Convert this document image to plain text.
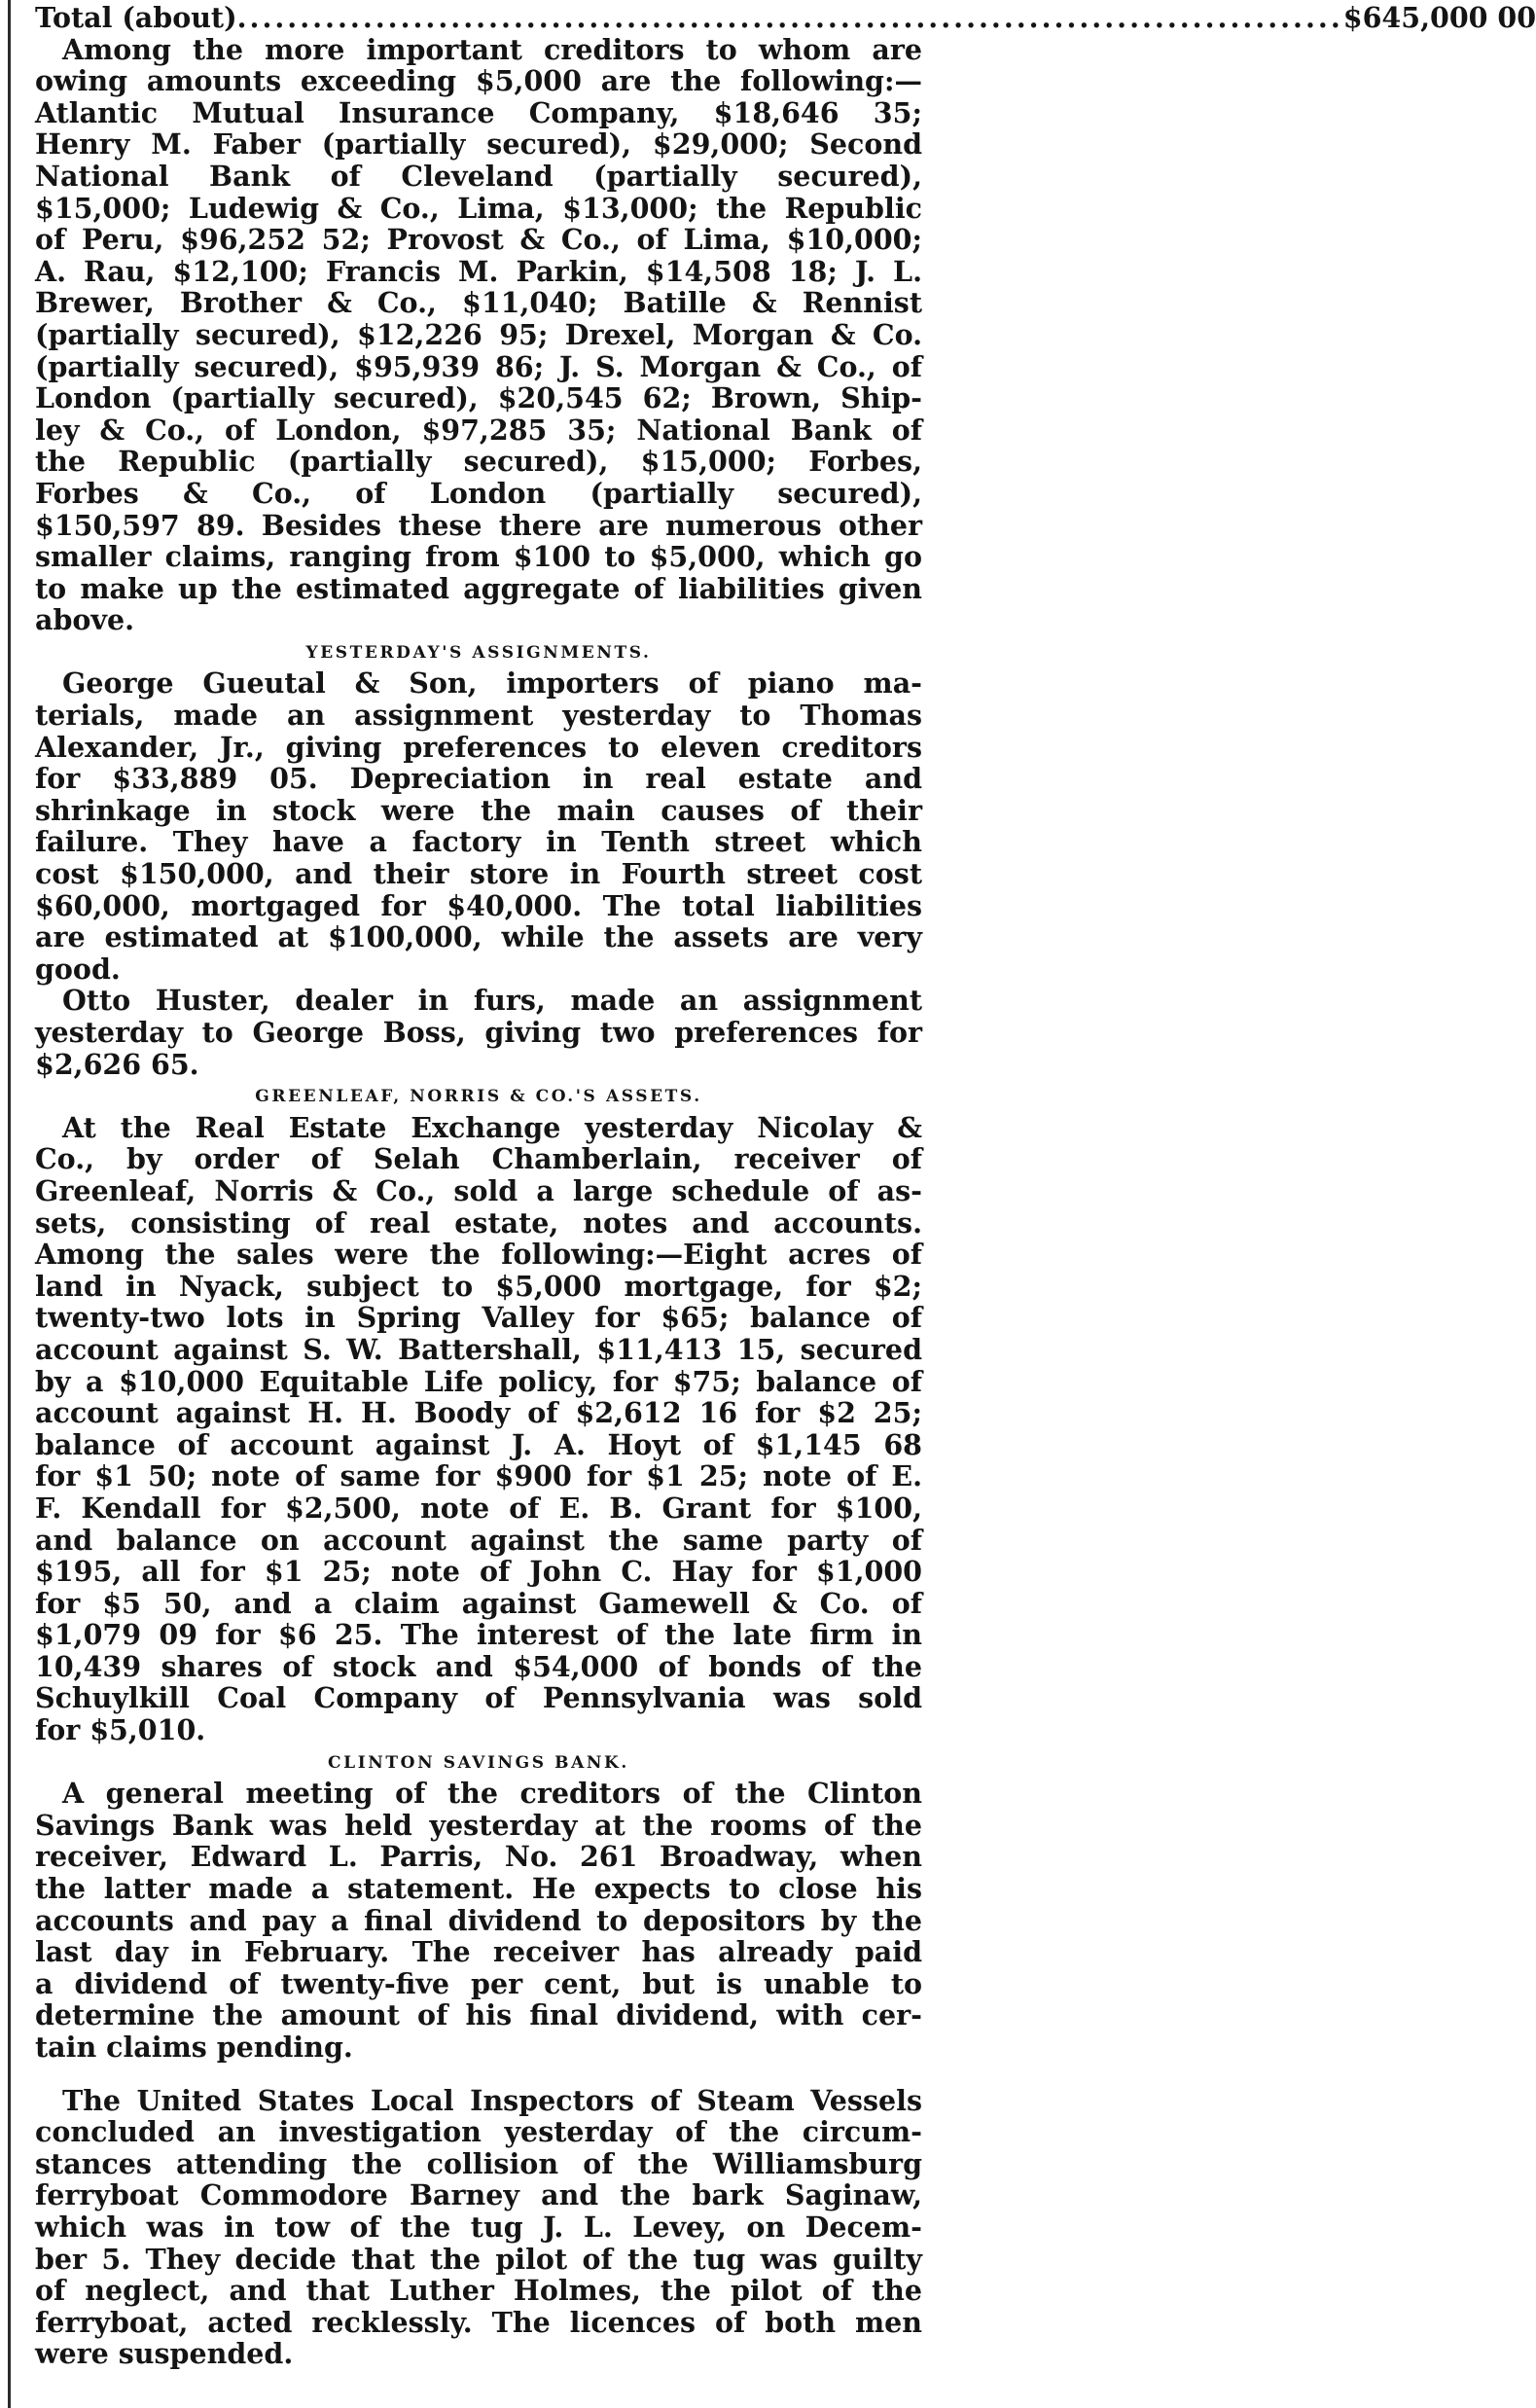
Total (about) ........................................................................................ $645,000 00
Among the more important creditors to whom are
owing amounts exceeding $5,000 are the following:—
Atlantic Mutual Insurance Company, $18,646 35;
Henry M. Faber (partially secured), $29,000; Second
National Bank of Cleveland (partially secured),
$15,000; Ludewig & Co., Lima, $13,000; the Republic
of Peru, $96,252 52; Provost & Co., of Lima, $10,000;
A. Rau, $12,100; Francis M. Parkin, $14,508 18; J. L.
Brewer, Brother & Co., $11,040; Batille & Rennist
(partially secured), $12,226 95; Drexel, Morgan & Co.
(partially secured), $95,939 86; J. S. Morgan & Co., of
London (partially secured), $20,545 62; Brown, Ship-
ley & Co., of London, $97,285 35; National Bank of
the Republic (partially secured), $15,000; Forbes,
Forbes & Co., of London (partially secured),
$150,597 89. Besides these there are numerous other
smaller claims, ranging from $100 to $5,000, which go
to make up the estimated aggregate of liabilities given
above.
YESTERDAY'S ASSIGNMENTS.
George Gueutal & Son, importers of piano ma-
terials, made an assignment yesterday to Thomas
Alexander, Jr., giving preferences to eleven creditors
for $33,889 05. Depreciation in real estate and
shrinkage in stock were the main causes of their
failure. They have a factory in Tenth street which
cost $150,000, and their store in Fourth street cost
$60,000, mortgaged for $40,000. The total liabilities
are estimated at $100,000, while the assets are very
good.
Otto Huster, dealer in furs, made an assignment
yesterday to George Boss, giving two preferences for
$2,626 65.
GREENLEAF, NORRIS & CO.'S ASSETS.
At the Real Estate Exchange yesterday Nicolay &
Co., by order of Selah Chamberlain, receiver of
Greenleaf, Norris & Co., sold a large schedule of as-
sets, consisting of real estate, notes and accounts.
Among the sales were the following:—Eight acres of
land in Nyack, subject to $5,000 mortgage, for $2;
twenty-two lots in Spring Valley for $65; balance of
account against S. W. Battershall, $11,413 15, secured
by a $10,000 Equitable Life policy, for $75; balance of
account against H. H. Boody of $2,612 16 for $2 25;
balance of account against J. A. Hoyt of $1,145 68
for $1 50; note of same for $900 for $1 25; note of E.
F. Kendall for $2,500, note of E. B. Grant for $100,
and balance on account against the same party of
$195, all for $1 25; note of John C. Hay for $1,000
for $5 50, and a claim against Gamewell & Co. of
$1,079 09 for $6 25. The interest of the late firm in
10,439 shares of stock and $54,000 of bonds of the
Schuylkill Coal Company of Pennsylvania was sold
for $5,010.
CLINTON SAVINGS BANK.
A general meeting of the creditors of the Clinton
Savings Bank was held yesterday at the rooms of the
receiver, Edward L. Parris, No. 261 Broadway, when
the latter made a statement. He expects to close his
accounts and pay a final dividend to depositors by the
last day in February. The receiver has already paid
a dividend of twenty-five per cent, but is unable to
determine the amount of his final dividend, with cer-
tain claims pending.
The United States Local Inspectors of Steam Vessels
concluded an investigation yesterday of the circum-
stances attending the collision of the Williamsburg
ferryboat Commodore Barney and the bark Saginaw,
which was in tow of the tug J. L. Levey, on Decem-
ber 5. They decide that the pilot of the tug was guilty
of neglect, and that Luther Holmes, the pilot of the
ferryboat, acted recklessly. The licences of both men
were suspended.
